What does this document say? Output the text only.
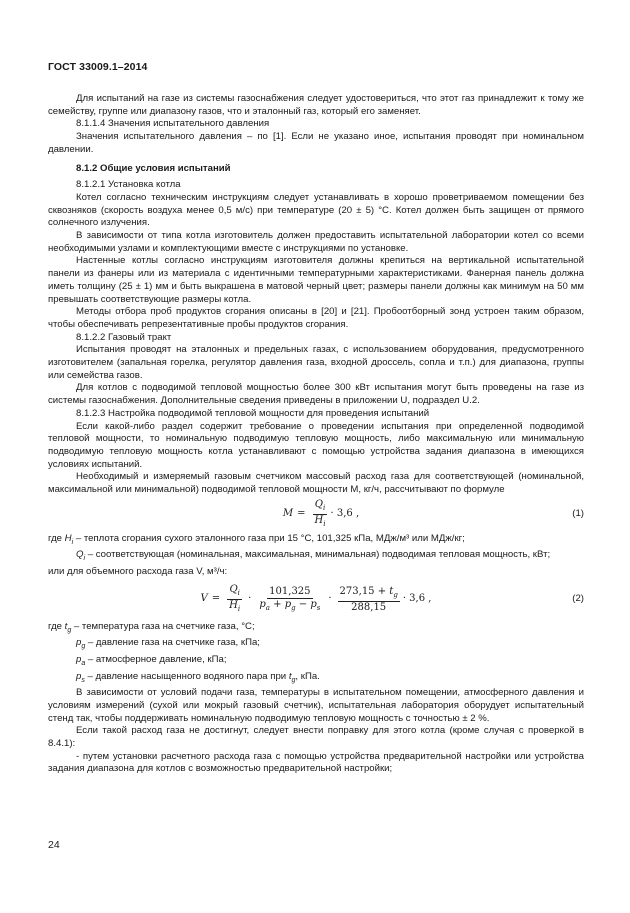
ГОСТ 33009.1–2014

Для испытаний на газе из системы газоснабжения следует удостовериться, что этот газ принадлежит к тому же семейству, группе или диапазону газов, что и эталонный газ, который его заменяет.

8.1.1.4 Значения испытательного давления

Значения испытательного давления – по [1]. Если не указано иное, испытания проводят при номинальном давлении.

8.1.2 Общие условия испытаний

8.1.2.1 Установка котла

Котел согласно техническим инструкциям следует устанавливать в хорошо проветриваемом помещении без сквозняков (скорость воздуха менее 0,5 м/с) при температуре (20 ± 5) °С. Котел должен быть защищен от прямого солнечного излучения.

В зависимости от типа котла изготовитель должен предоставить испытательной лаборатории котел со всеми необходимыми узлами и комплектующими вместе с инструкциями по установке.

Настенные котлы согласно инструкциям изготовителя должны крепиться на вертикальной испытательной панели из фанеры или из материала с идентичными температурными характеристиками. Фанерная панель должна иметь толщину (25 ± 1) мм и быть выкрашена в матовой черный цвет; размеры панели должны как минимум на 50 мм превышать соответствующие размеры котла.

Методы отбора проб продуктов сгорания описаны в [20] и [21]. Пробоотборный зонд устроен таким образом, чтобы обеспечивать репрезентативные пробы продуктов сгорания.

8.1.2.2 Газовый тракт

Испытания проводят на эталонных и предельных газах, с использованием оборудования, предусмотренного изготовителем (запальная горелка, регулятор давления газа, входной дроссель, сопла и т.п.) для диапазона, группы или семейства газов.

Для котлов с подводимой тепловой мощностью более 300 кВт испытания могут быть проведены на газе из системы газоснабжения. Дополнительные сведения приведены в приложении U, подраздел U.2.

8.1.2.3 Настройка подводимой тепловой мощности для проведения испытаний

Если какой-либо раздел содержит требование о проведении испытания при определенной подводимой тепловой мощности, то номинальную подводимую тепловую мощность, либо максимальную или минимальную подводимую тепловую мощность котла устанавливают с помощью устройства задания диапазона в имеющихся условиях испытаний.

Необходимый и измеряемый газовым счетчиком массовый расход газа для соответствующей (номинальной, максимальной или минимальной) подводимой тепловой мощности M, кг/ч, рассчитывают по формуле

$M = \frac{Q_i}{H_i} \cdot 3,6$ ,	(1)

где $H_i$ – теплота сгорания сухого эталонного газа при 15 °С, 101,325 кПа, МДж/м³ или МДж/кг;

$Q_i$ – соответствующая (номинальная, максимальная, минимальная) подводимая тепловая мощность, кВт;

или для объемного расхода газа V, м³/ч:

$V = \frac{Q_i}{H_i}$ ·
101,325
$p_a + p_g - p_s$
· $\frac{273,15 + t_g}{288,15} \cdot 3,6$ ,	(2)

где $t_g$ – температура газа на счетчике газа, °С;

$p_g$ – давление газа на счетчике газа, кПа;

$p_a$ – атмосферное давление, кПа;

$p_s$ – давление насыщенного водяного пара при $t_g$, кПа.

В зависимости от условий подачи газа, температуры в испытательном помещении, атмосферного давления и условиям измерений (сухой или мокрый газовый счетчик), испытательная лаборатория оборудует испытательный стенд так, чтобы поддерживать номинальную подводимую тепловую мощность с точностью ± 2 %.

Если такой расход газа не достигнут, следует внести поправку для этого котла (кроме случая с проверкой в 8.4.1):

- путем установки расчетного расхода газа с помощью устройства предварительной настройки или устройства задания диапазона для котлов с возможностью предварительной настройки;

24
